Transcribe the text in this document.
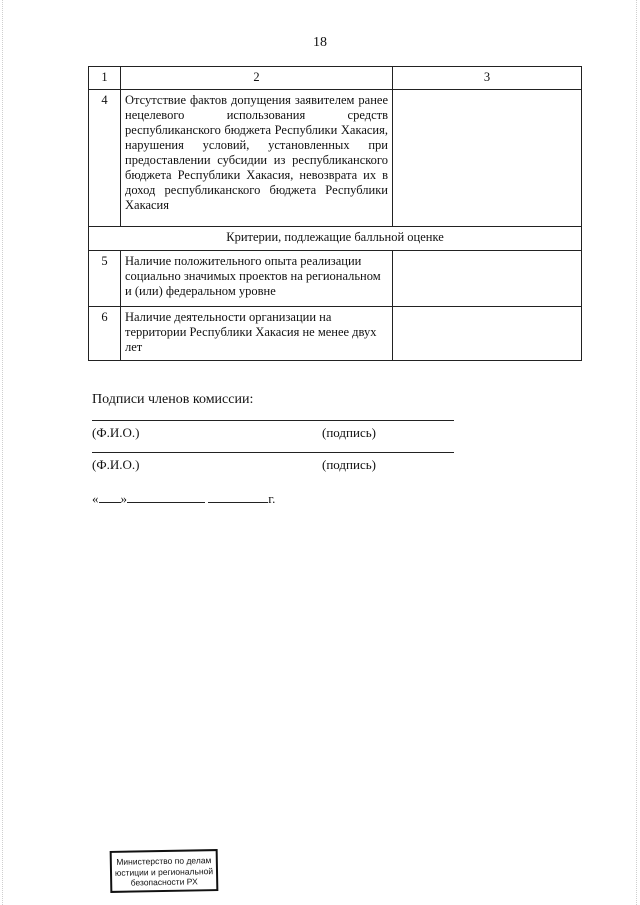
18
1	2	3
4	Отсутствие фактов допущения заявителем ранее нецелевого использования средств республиканского бюджета Республики Хакасия, нарушения условий, установленных при предоставлении субсидии из республиканского бюджета Республики Хакасия, невозврата их в доход республиканского бюджета Республики Хакасия	
Критерии, подлежащие балльной оценке		
5	Наличие положительного опыта реализации социально значимых проектов на региональном и (или) федеральном уровне	
6	Наличие деятельности организации на территории Республики Хакасия не менее двух лет	
Подписи членов комиссии:
(Ф.И.О.)	(подпись)
(Ф.И.О.)	(подпись)
« »	г.
Министерство по делам
юстиции и региональной
безопасности РХ
